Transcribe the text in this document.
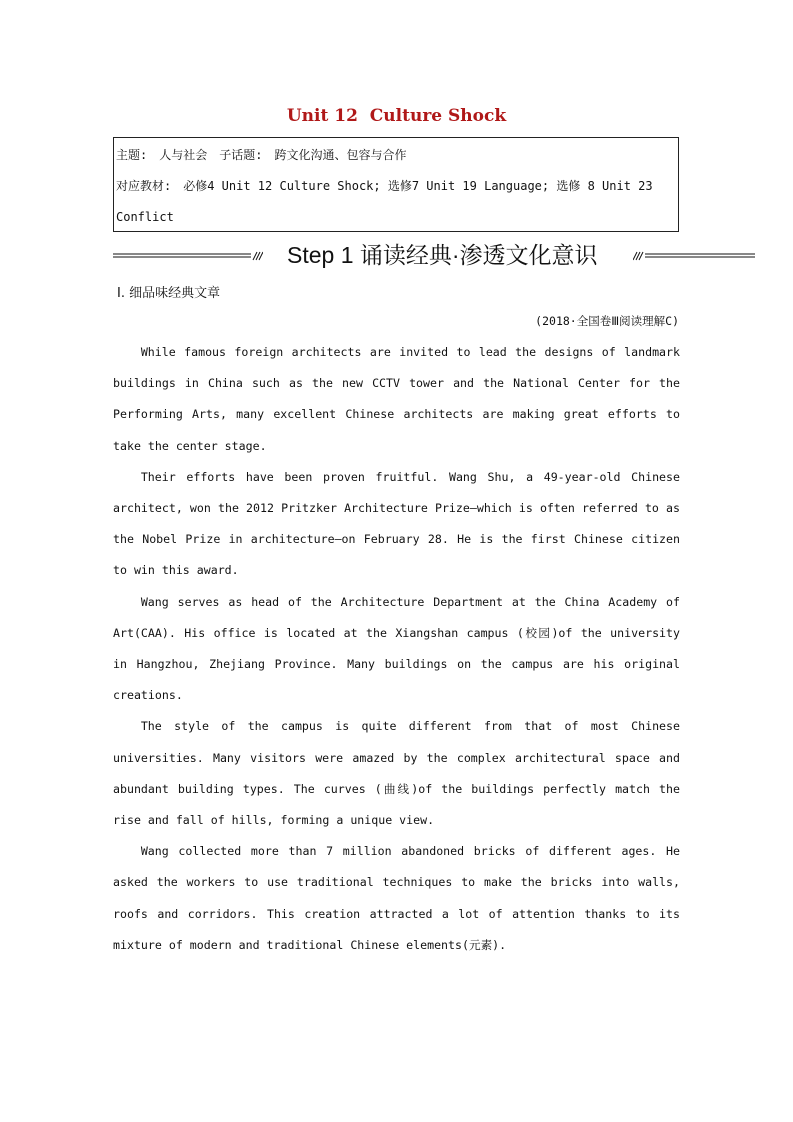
Unit 12  Culture Shock
主题: 人与社会 子话题: 跨文化沟通、包容与合作
对应教材: 必修4 Unit 12 Culture Shock; 选修7 Unit 19 Language; 选修 8 Unit 23 Conflict
Step 1 诵读经典·渗透文化意识
Ⅰ. 细品味经典文章
(2018·全国卷Ⅲ阅读理解C)

While famous foreign architects are invited to lead the designs of landmark buildings in China such as the new CCTV tower and the National Center for the Performing Arts, many excellent Chinese architects are making great efforts to take the center stage.

Their efforts have been proven fruitful. Wang Shu, a 49-year-old Chinese architect, won the 2012 Pritzker Architecture Prize—which is often referred to as the Nobel Prize in architecture—on February 28. He is the first Chinese citizen to win this award.

Wang serves as head of the Architecture Department at the China Academy of Art(CAA). His office is located at the Xiangshan campus (校园)of the university in Hangzhou, Zhejiang Province. Many buildings on the campus are his original creations.

The style of the campus is quite different from that of most Chinese universities. Many visitors were amazed by the complex architectural space and abundant building types. The curves (曲线)of the buildings perfectly match the rise and fall of hills, forming a unique view.

Wang collected more than 7 million abandoned bricks of different ages. He asked the workers to use traditional techniques to make the bricks into walls, roofs and corridors. This creation attracted a lot of attention thanks to its mixture of modern and traditional Chinese elements(元素).
